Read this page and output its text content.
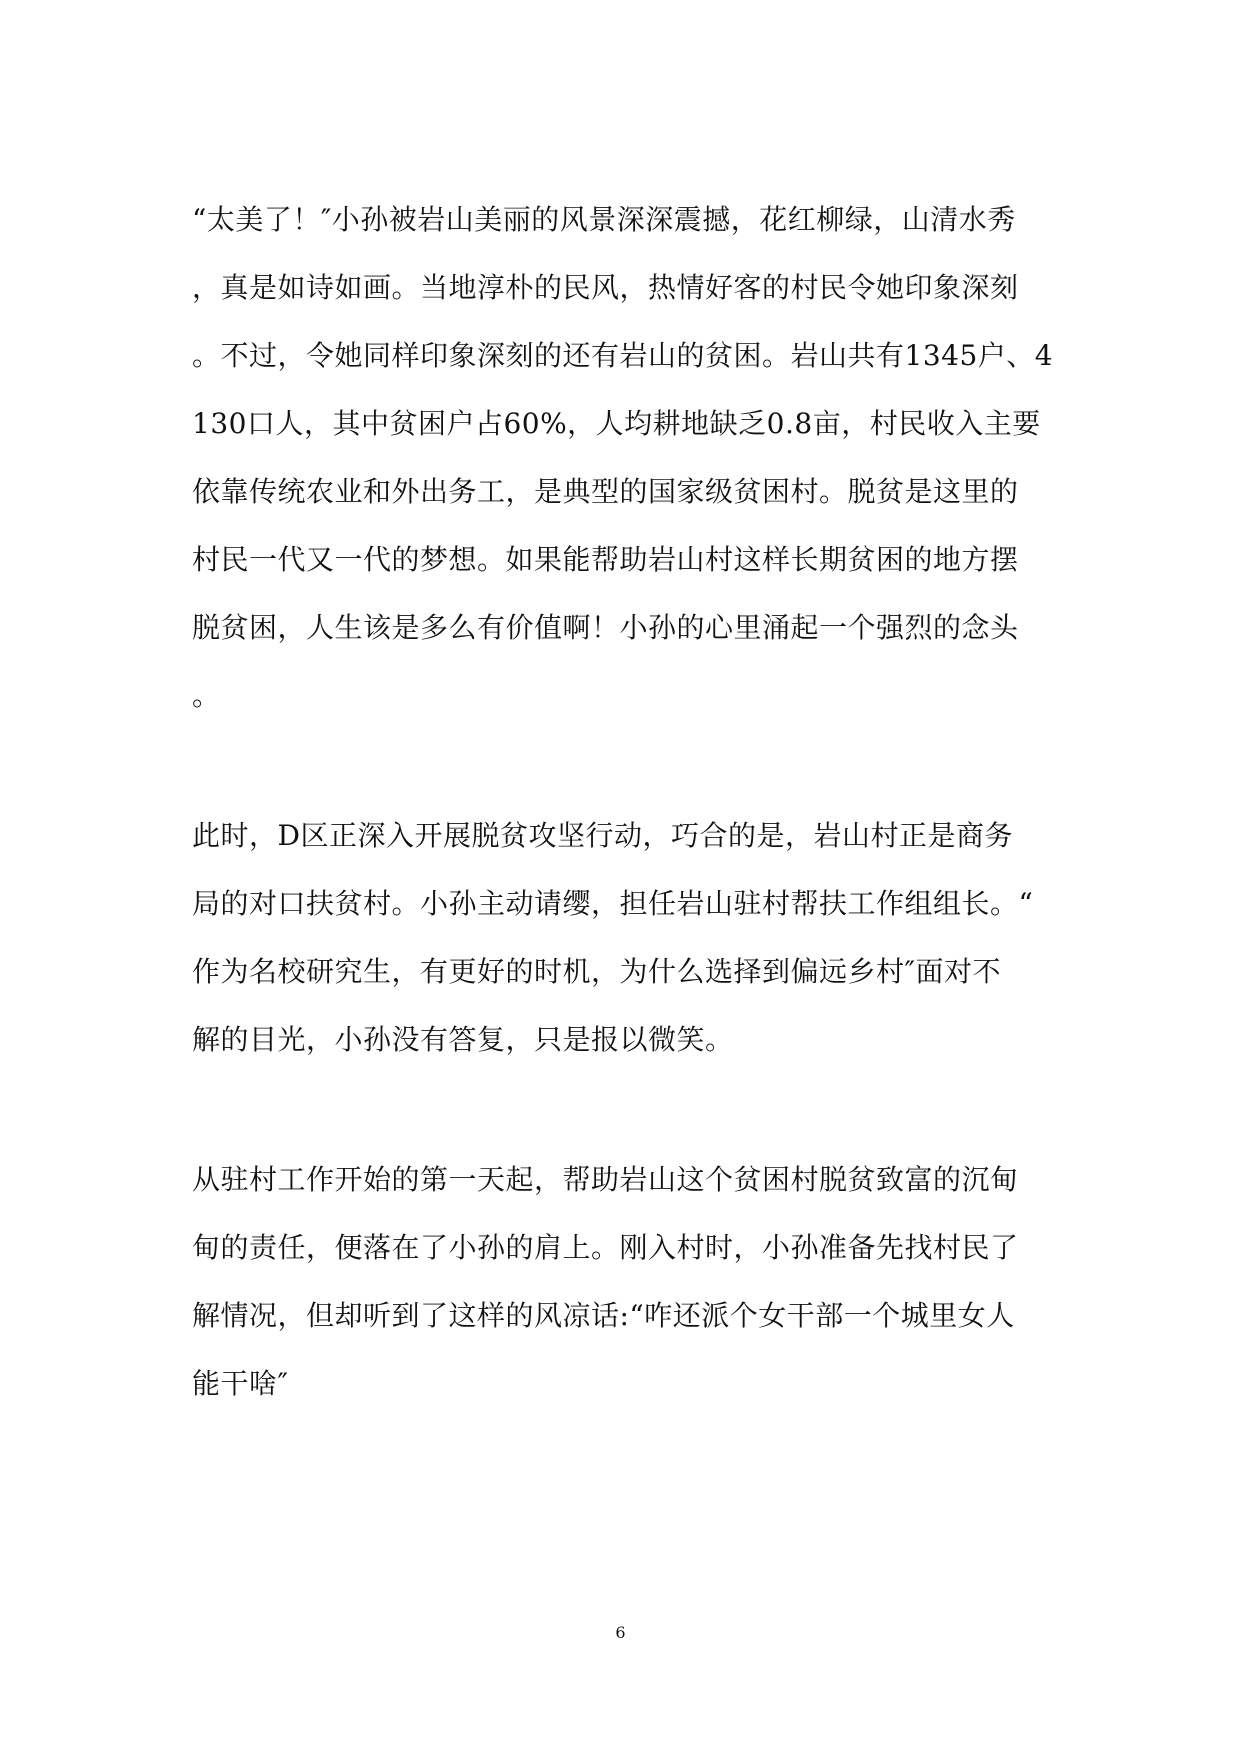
“太美了！″小孙被岩山美丽的风景深深震撼，花红柳绿，山清水秀
，真是如诗如画。当地淳朴的民风，热情好客的村民令她印象深刻
。不过，令她同样印象深刻的还有岩山的贫困。岩山共有1345户、4
130口人，其中贫困户占60%，人均耕地缺乏0.8亩，村民收入主要
依靠传统农业和外出务工，是典型的国家级贫困村。脱贫是这里的
村民一代又一代的梦想。如果能帮助岩山村这样长期贫困的地方摆
脱贫困，人生该是多么有价值啊！小孙的心里涌起一个强烈的念头
。
此时，D区正深入开展脱贫攻坚行动，巧合的是，岩山村正是商务
局的对口扶贫村。小孙主动请缨，担任岩山驻村帮扶工作组组长。“
作为名校研究生，有更好的时机，为什么选择到偏远乡村″面对不
解的目光，小孙没有答复，只是报以微笑。
从驻村工作开始的第一天起，帮助岩山这个贫困村脱贫致富的沉甸
甸的责任，便落在了小孙的肩上。刚入村时，小孙准备先找村民了
解情况，但却听到了这样的风凉话:“咋还派个女干部一个城里女人
能干啥″
6
